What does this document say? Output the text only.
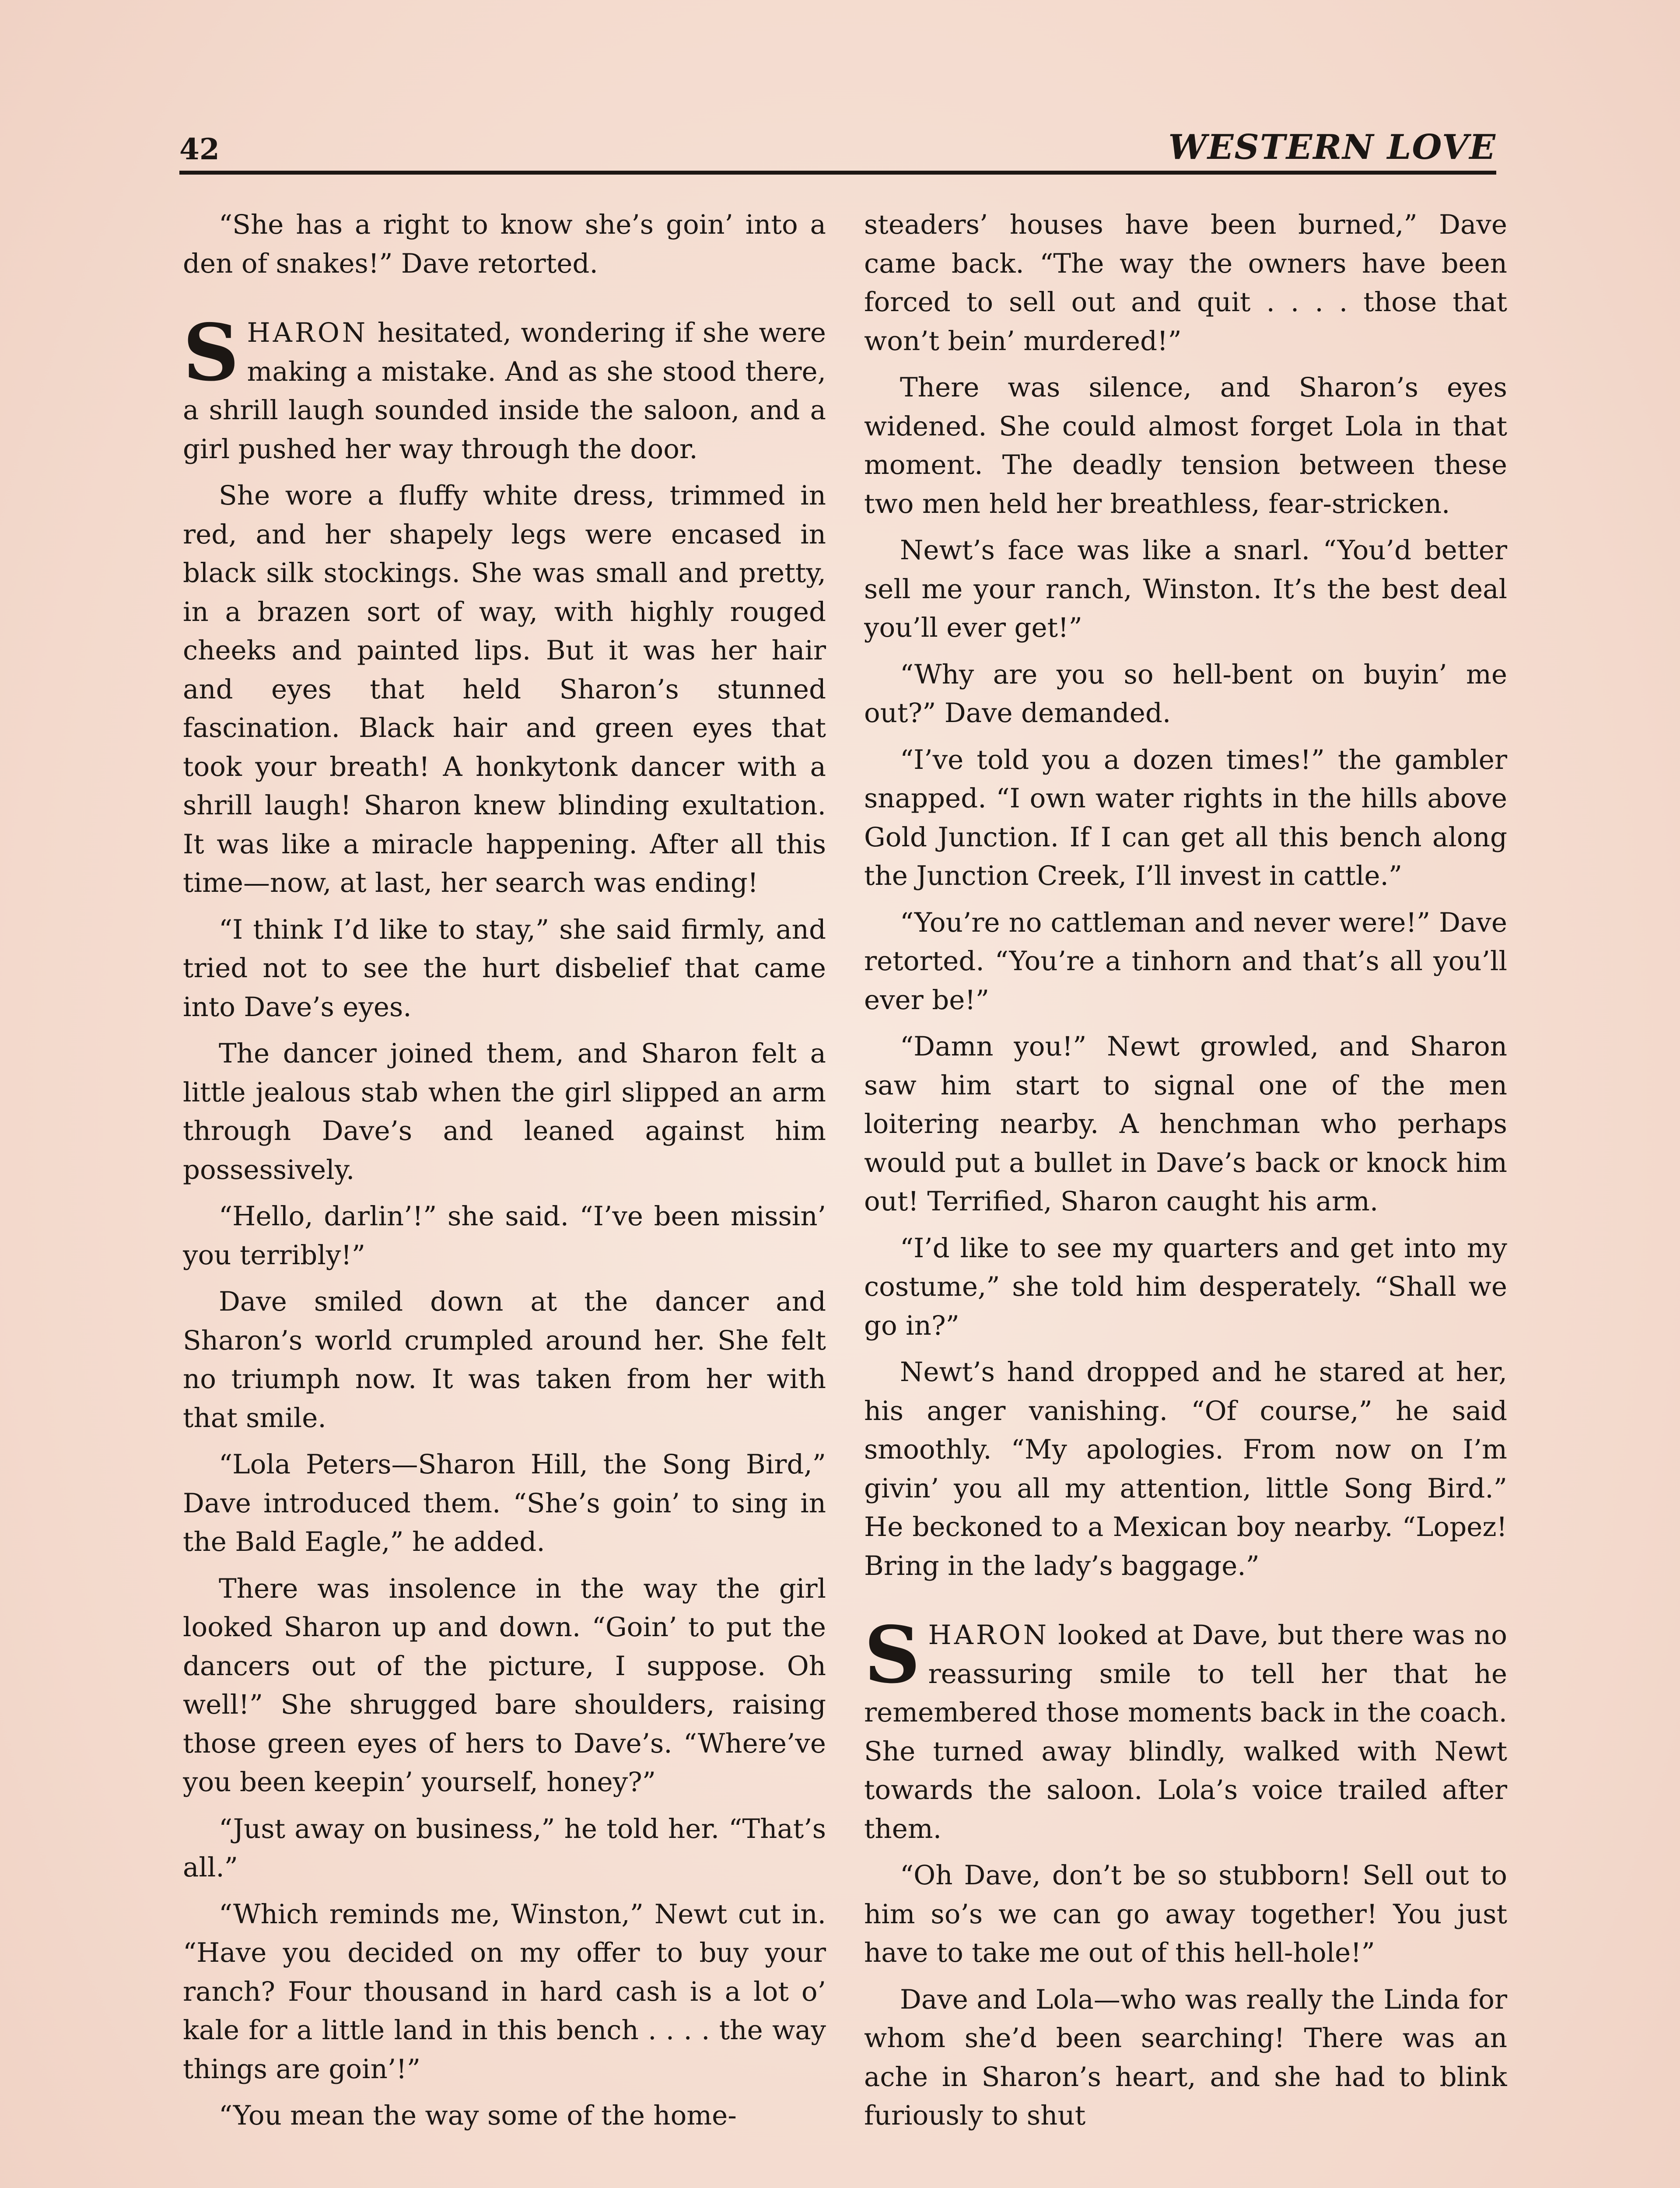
42	WESTERN LOVE

“She has a right to know she’s goin’ into a den of snakes!” Dave retorted.

SHARON hesitated, wondering if she were making a mistake. And as she stood there, a shrill laugh sounded inside the saloon, and a girl pushed her way through the door.

She wore a fluffy white dress, trimmed in red, and her shapely legs were encased in black silk stockings. She was small and pretty, in a brazen sort of way, with highly rouged cheeks and painted lips. But it was her hair and eyes that held Sharon’s stunned fascination. Black hair and green eyes that took your breath! A honkytonk dancer with a shrill laugh! Sharon knew blinding exultation. It was like a miracle happening. After all this time—now, at last, her search was ending!

“I think I’d like to stay,” she said firmly, and tried not to see the hurt disbelief that came into Dave’s eyes.

The dancer joined them, and Sharon felt a little jealous stab when the girl slipped an arm through Dave’s and leaned against him possessively.

“Hello, darlin’!” she said. “I’ve been missin’ you terribly!”

Dave smiled down at the dancer and Sharon’s world crumpled around her. She felt no triumph now. It was taken from her with that smile.

“Lola Peters—Sharon Hill, the Song Bird,” Dave introduced them. “She’s goin’ to sing in the Bald Eagle,” he added.

There was insolence in the way the girl looked Sharon up and down. “Goin’ to put the dancers out of the picture, I suppose. Oh well!” She shrugged bare shoulders, raising those green eyes of hers to Dave’s. “Where’ve you been keepin’ yourself, honey?”

“Just away on business,” he told her. “That’s all.”

“Which reminds me, Winston,” Newt cut in. “Have you decided on my offer to buy your ranch? Four thousand in hard cash is a lot o’ kale for a little land in this bench . . . . the way things are goin’!”

“You mean the way some of the home-

steaders’ houses have been burned,” Dave came back. “The way the owners have been forced to sell out and quit . . . . those that won’t bein’ murdered!”

There was silence, and Sharon’s eyes widened. She could almost forget Lola in that moment. The deadly tension between these two men held her breathless, fear-stricken.

Newt’s face was like a snarl. “You’d better sell me your ranch, Winston. It’s the best deal you’ll ever get!”

“Why are you so hell-bent on buyin’ me out?” Dave demanded.

“I’ve told you a dozen times!” the gambler snapped. “I own water rights in the hills above Gold Junction. If I can get all this bench along the Junction Creek, I’ll invest in cattle.”

“You’re no cattleman and never were!” Dave retorted. “You’re a tinhorn and that’s all you’ll ever be!”

“Damn you!” Newt growled, and Sharon saw him start to signal one of the men loitering nearby. A henchman who perhaps would put a bullet in Dave’s back or knock him out! Terrified, Sharon caught his arm.

“I’d like to see my quarters and get into my costume,” she told him desperately. “Shall we go in?”

Newt’s hand dropped and he stared at her, his anger vanishing. “Of course,” he said smoothly. “My apologies. From now on I’m givin’ you all my attention, little Song Bird.” He beckoned to a Mexican boy nearby. “Lopez! Bring in the lady’s baggage.”

SHARON looked at Dave, but there was no reassuring smile to tell her that he remembered those moments back in the coach. She turned away blindly, walked with Newt towards the saloon. Lola’s voice trailed after them.

“Oh Dave, don’t be so stubborn! Sell out to him so’s we can go away together! You just have to take me out of this hell-hole!”

Dave and Lola—who was really the Linda for whom she’d been searching! There was an ache in Sharon’s heart, and she had to blink furiously to shut
